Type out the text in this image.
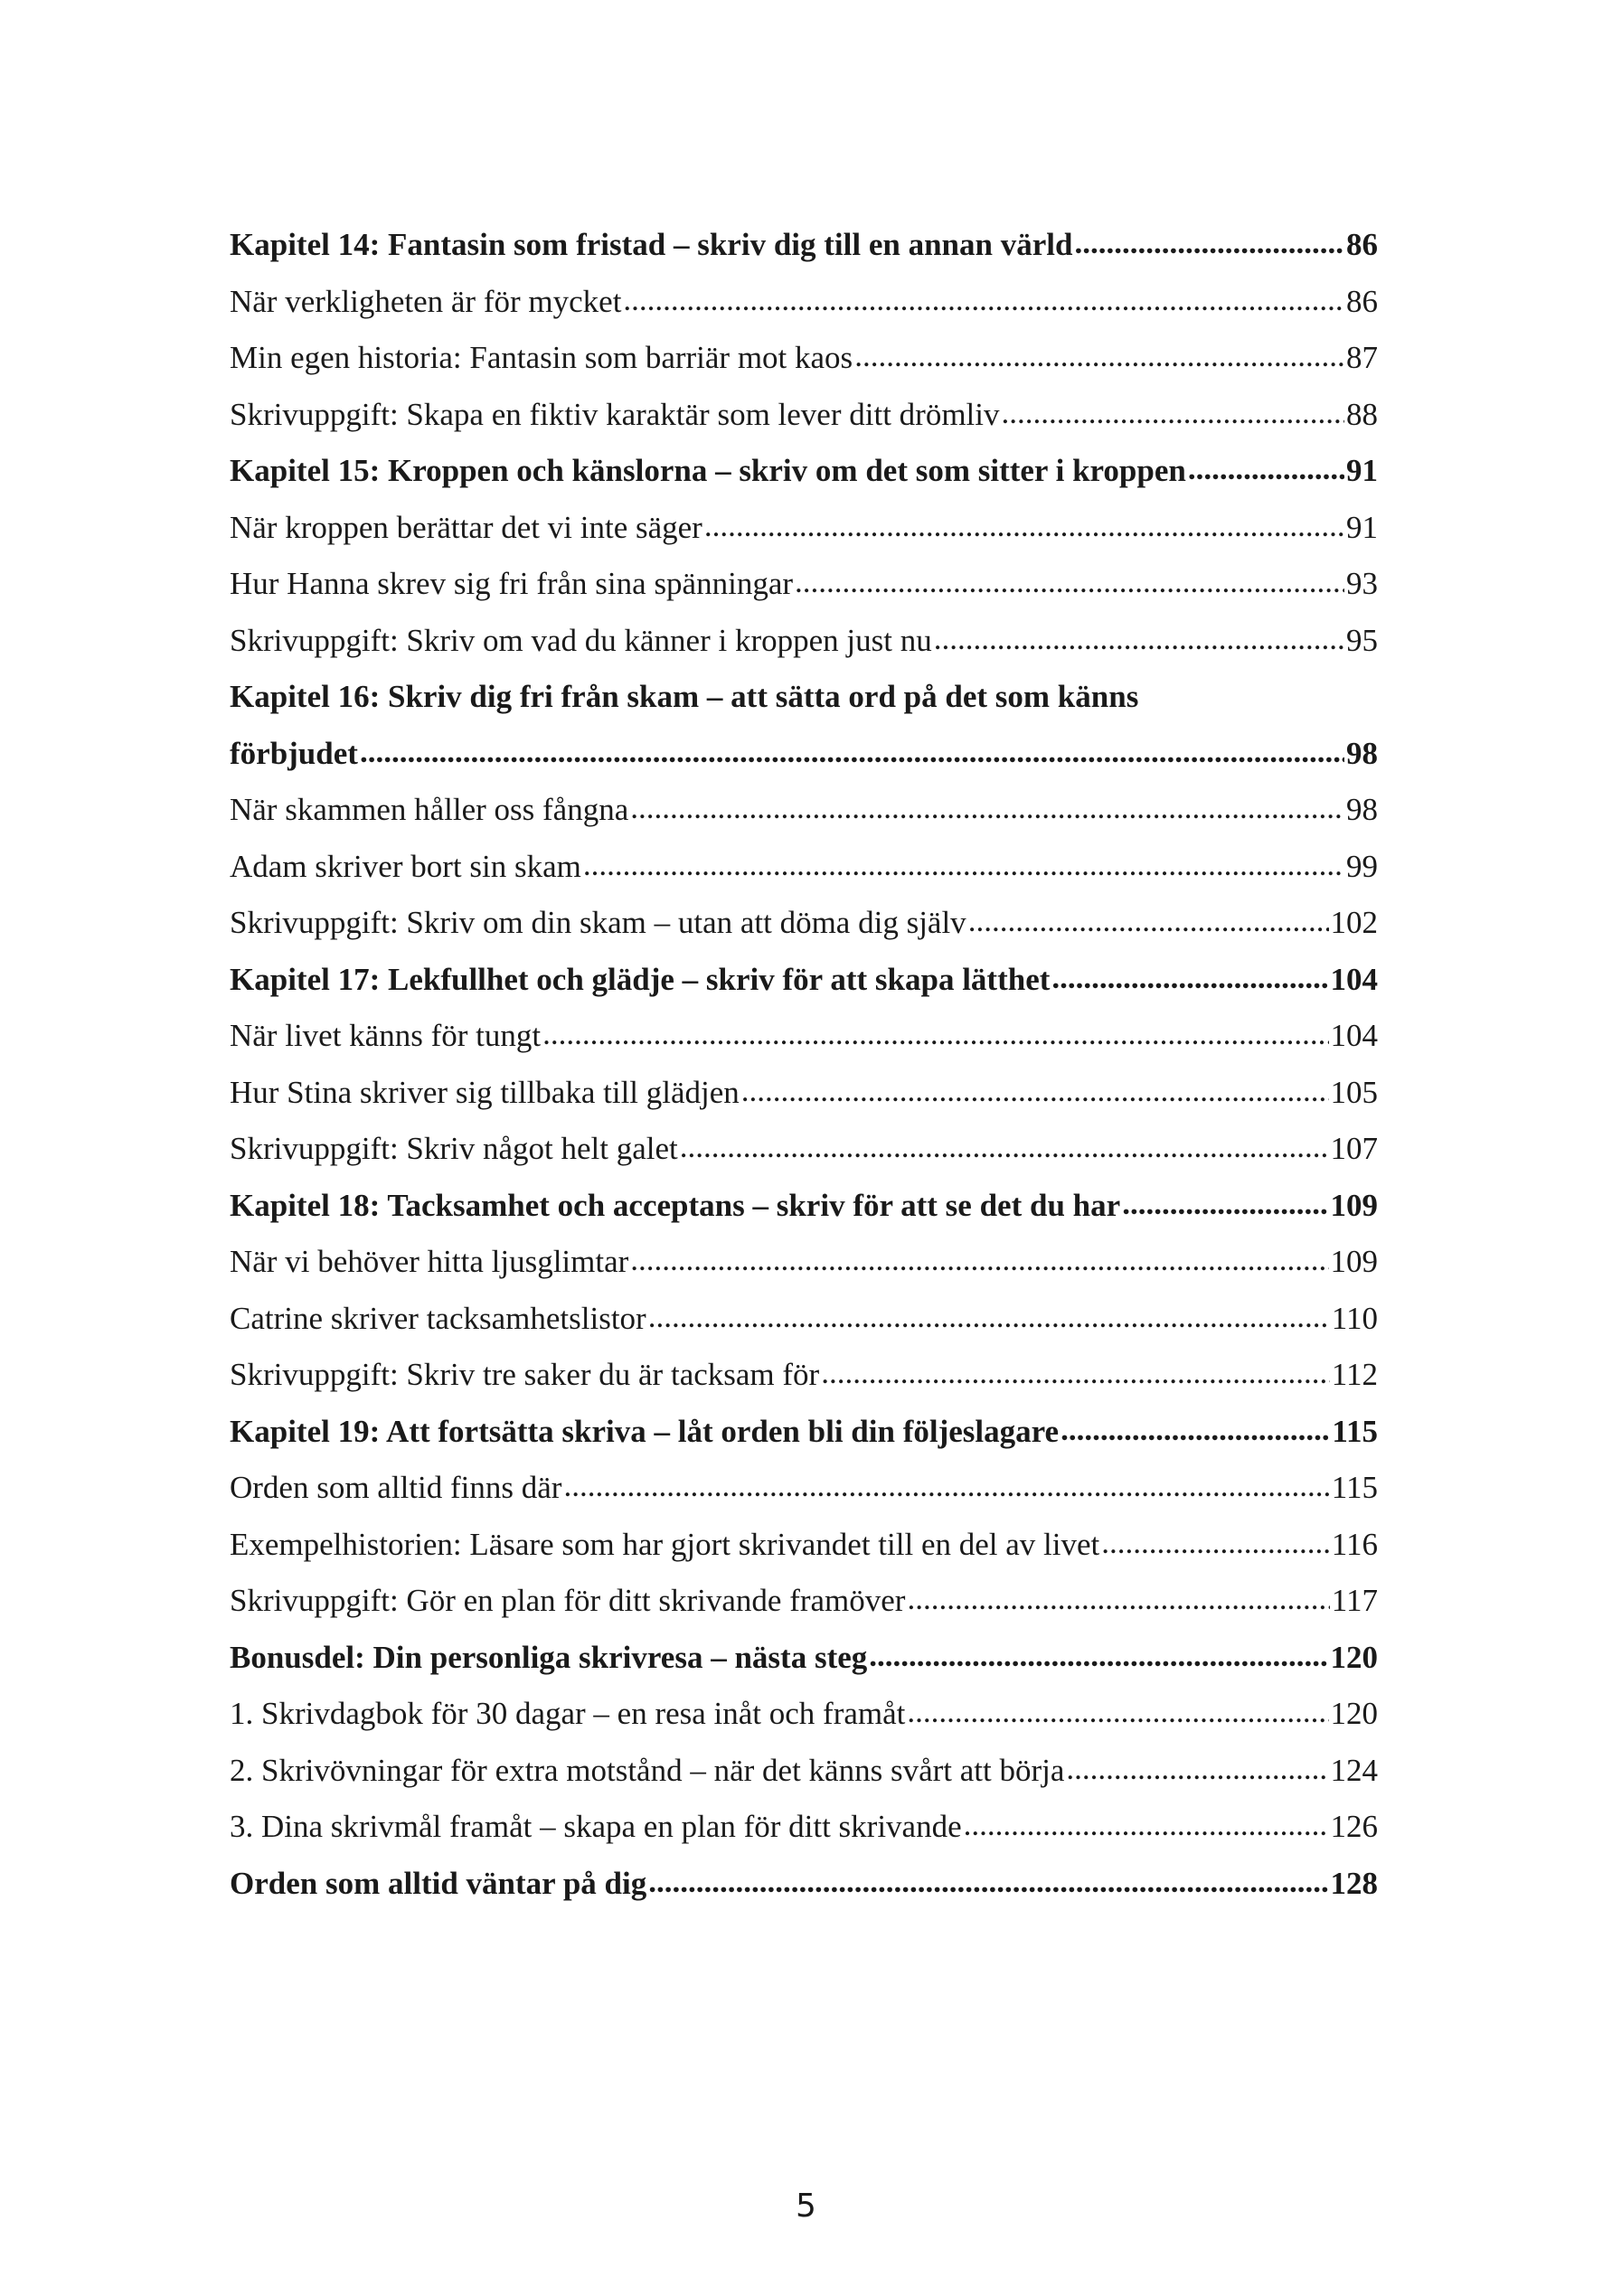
Kapitel 14: Fantasin som fristad – skriv dig till en annan värld .....	86
När verkligheten är för mycket .....	86
Min egen historia: Fantasin som barriär mot kaos .....	87
Skrivuppgift: Skapa en fiktiv karaktär som lever ditt drömliv .....	88
Kapitel 15: Kroppen och känslorna – skriv om det som sitter i kroppen .....	91
När kroppen berättar det vi inte säger .....	91
Hur Hanna skrev sig fri från sina spänningar .....	93
Skrivuppgift: Skriv om vad du känner i kroppen just nu .....	95
Kapitel 16: Skriv dig fri från skam – att sätta ord på det som känns
förbjudet .....	98
När skammen håller oss fångna .....	98
Adam skriver bort sin skam .....	99
Skrivuppgift: Skriv om din skam – utan att döma dig själv .....	102
Kapitel 17: Lekfullhet och glädje – skriv för att skapa lätthet .....	104
När livet känns för tungt .....	104
Hur Stina skriver sig tillbaka till glädjen .....	105
Skrivuppgift: Skriv något helt galet .....	107
Kapitel 18: Tacksamhet och acceptans – skriv för att se det du har .....	109
När vi behöver hitta ljusglimtar .....	109
Catrine skriver tacksamhetslistor .....	110
Skrivuppgift: Skriv tre saker du är tacksam för .....	112
Kapitel 19: Att fortsätta skriva – låt orden bli din följeslagare .....	115
Orden som alltid finns där .....	115
Exempelhistorien: Läsare som har gjort skrivandet till en del av livet .....	116
Skrivuppgift: Gör en plan för ditt skrivande framöver .....	117
Bonusdel: Din personliga skrivresa – nästa steg .....	120
1. Skrivdagbok för 30 dagar – en resa inåt och framåt .....	120
2. Skrivövningar för extra motstånd – när det känns svårt att börja .....	124
3. Dina skrivmål framåt – skapa en plan för ditt skrivande .....	126
Orden som alltid väntar på dig .....	128
5
